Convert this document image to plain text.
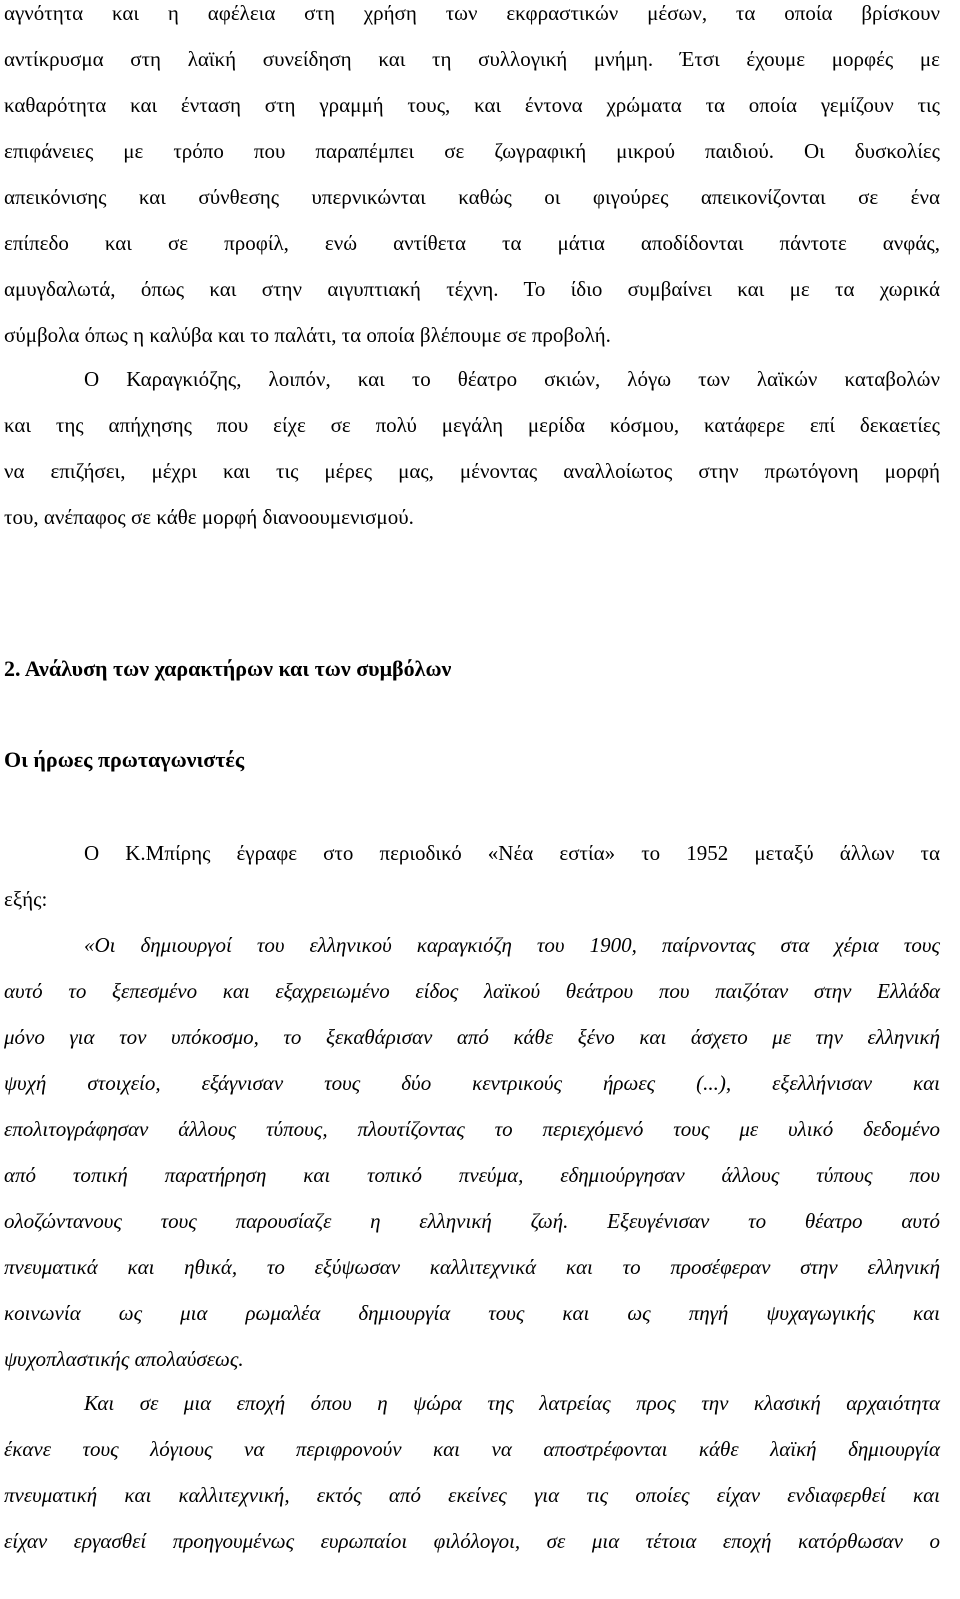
αγνότητα και η αφέλεια στη χρήση των εκφραστικών μέσων, τα οποία βρίσκουν
αντίκρυσμα στη λαϊκή συνείδηση και τη συλλογική μνήμη. Έτσι έχουμε μορφές με
καθαρότητα και ένταση στη γραμμή τους, και έντονα χρώματα τα οποία γεμίζουν τις
επιφάνειες με τρόπο που παραπέμπει σε ζωγραφική μικρού παιδιού. Οι δυσκολίες
απεικόνισης και σύνθεσης υπερνικώνται καθώς οι φιγούρες απεικονίζονται σε ένα
επίπεδο και σε προφίλ, ενώ αντίθετα τα μάτια αποδίδονται πάντοτε ανφάς,
αμυγδαλωτά, όπως και στην αιγυπτιακή τέχνη. Το ίδιο συμβαίνει και με τα χωρικά
σύμβολα όπως η καλύβα και το παλάτι, τα οποία βλέπουμε σε προβολή.
Ο Καραγκιόζης, λοιπόν, και το θέατρο σκιών, λόγω των λαϊκών καταβολών
και της απήχησης που είχε σε πολύ μεγάλη μερίδα κόσμου, κατάφερε επί δεκαετίες
να επιζήσει, μέχρι και τις μέρες μας, μένοντας αναλλοίωτος στην πρωτόγονη μορφή
του, ανέπαφος σε κάθε μορφή διανοουμενισμού.
2. Ανάλυση των χαρακτήρων και των συμβόλων
Οι ήρωες πρωταγωνιστές
Ο Κ.Μπίρης έγραφε στο περιοδικό «Νέα εστία» το 1952 μεταξύ άλλων τα
εξής:
«Οι δημιουργοί του ελληνικού καραγκιόζη του 1900, παίρνοντας στα χέρια τους
αυτό το ξεπεσμένο και εξαχρειωμένο είδος λαϊκού θεάτρου που παιζόταν στην Ελλάδα
μόνο για τον υπόκοσμο, το ξεκαθάρισαν από κάθε ξένο και άσχετο με την ελληνική
ψυχή στοιχείο, εξάγνισαν τους δύο κεντρικούς ήρωες (...), εξελλήνισαν και
επολιτογράφησαν άλλους τύπους, πλουτίζοντας το περιεχόμενό τους με υλικό δεδομένο
από τοπική παρατήρηση και τοπικό πνεύμα, εδημιούργησαν άλλους τύπους που
ολοζώντανους τους παρουσίαζε η ελληνική ζωή. Εξευγένισαν το θέατρο αυτό
πνευματικά και ηθικά, το εξύψωσαν καλλιτεχνικά και το προσέφεραν στην ελληνική
κοινωνία ως μια ρωμαλέα δημιουργία τους και ως πηγή ψυχαγωγικής και
ψυχοπλαστικής απολαύσεως.
Και σε μια εποχή όπου η ψώρα της λατρείας προς την κλασική αρχαιότητα
έκανε τους λόγιους να περιφρονούν και να αποστρέφονται κάθε λαϊκή δημιουργία
πνευματική και καλλιτεχνική, εκτός από εκείνες για τις οποίες είχαν ενδιαφερθεί και
είχαν εργασθεί προηγουμένως ευρωπαίοι φιλόλογοι, σε μια τέτοια εποχή κατόρθωσαν ο
